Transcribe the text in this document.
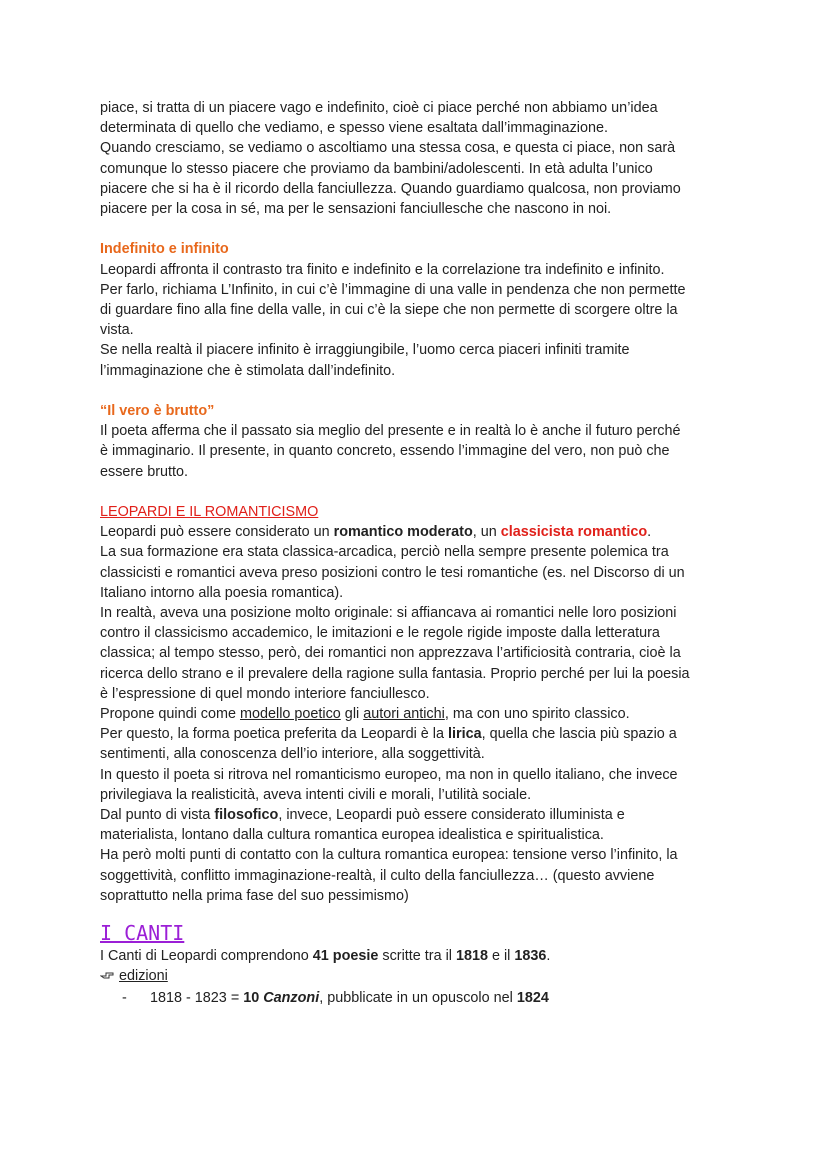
piace, si tratta di un piacere vago e indefinito, cioè ci piace perché non abbiamo un’idea

determinata di quello che vediamo, e spesso viene esaltata dall’immaginazione.

Quando cresciamo, se vediamo o ascoltiamo una stessa cosa, e questa ci piace, non sarà

comunque lo stesso piacere che proviamo da bambini/adolescenti. In età adulta l’unico

piacere che si ha è il ricordo della fanciullezza. Quando guardiamo qualcosa, non proviamo

piacere per la cosa in sé, ma per le sensazioni fanciullesche che nascono in noi.

Indefinito e infinito

Leopardi affronta il contrasto tra finito e indefinito e la correlazione tra indefinito e infinito.

Per farlo, richiama L’Infinito, in cui c’è l’immagine di una valle in pendenza che non permette

di guardare fino alla fine della valle, in cui c’è la siepe che non permette di scorgere oltre la

vista.

Se nella realtà il piacere infinito è irraggiungibile, l’uomo cerca piaceri infiniti tramite

l’immaginazione che è stimolata dall’indefinito.

“Il vero è brutto”

Il poeta afferma che il passato sia meglio del presente e in realtà lo è anche il futuro perché

è immaginario. Il presente, in quanto concreto, essendo l’immagine del vero, non può che

essere brutto.

LEOPARDI E IL ROMANTICISMO

Leopardi può essere considerato un romantico moderato, un classicista romantico.

La sua formazione era stata classica-arcadica, perciò nella sempre presente polemica tra

classicisti e romantici aveva preso posizioni contro le tesi romantiche (es. nel Discorso di un

Italiano intorno alla poesia romantica).

In realtà, aveva una posizione molto originale: si affiancava ai romantici nelle loro posizioni

contro il classicismo accademico, le imitazioni e le regole rigide imposte dalla letteratura

classica; al tempo stesso, però, dei romantici non apprezzava l’artificiosità contraria, cioè la

ricerca dello strano e il prevalere della ragione sulla fantasia. Proprio perché per lui la poesia

è l’espressione di quel mondo interiore fanciullesco.

Propone quindi come modello poetico gli autori antichi, ma con uno spirito classico.

Per questo, la forma poetica preferita da Leopardi è la lirica, quella che lascia più spazio a

sentimenti, alla conoscenza dell’io interiore, alla soggettività.

In questo il poeta si ritrova nel romanticismo europeo, ma non in quello italiano, che invece

privilegiava la realisticità, aveva intenti civili e morali, l’utilità sociale.

Dal punto di vista filosofico, invece, Leopardi può essere considerato illuminista e

materialista, lontano dalla cultura romantica europea idealistica e spiritualistica.

Ha però molti punti di contatto con la cultura romantica europea: tensione verso l’infinito, la

soggettività, conflitto immaginazione-realtà, il culto della fanciullezza… (questo avviene

soprattutto nella prima fase del suo pessimismo)

I CANTI

I Canti di Leopardi comprendono 41 poesie scritte tra il 1818 e il 1836.

edizioni

-	1818 - 1823 = 10 Canzoni, pubblicate in un opuscolo nel 1824
